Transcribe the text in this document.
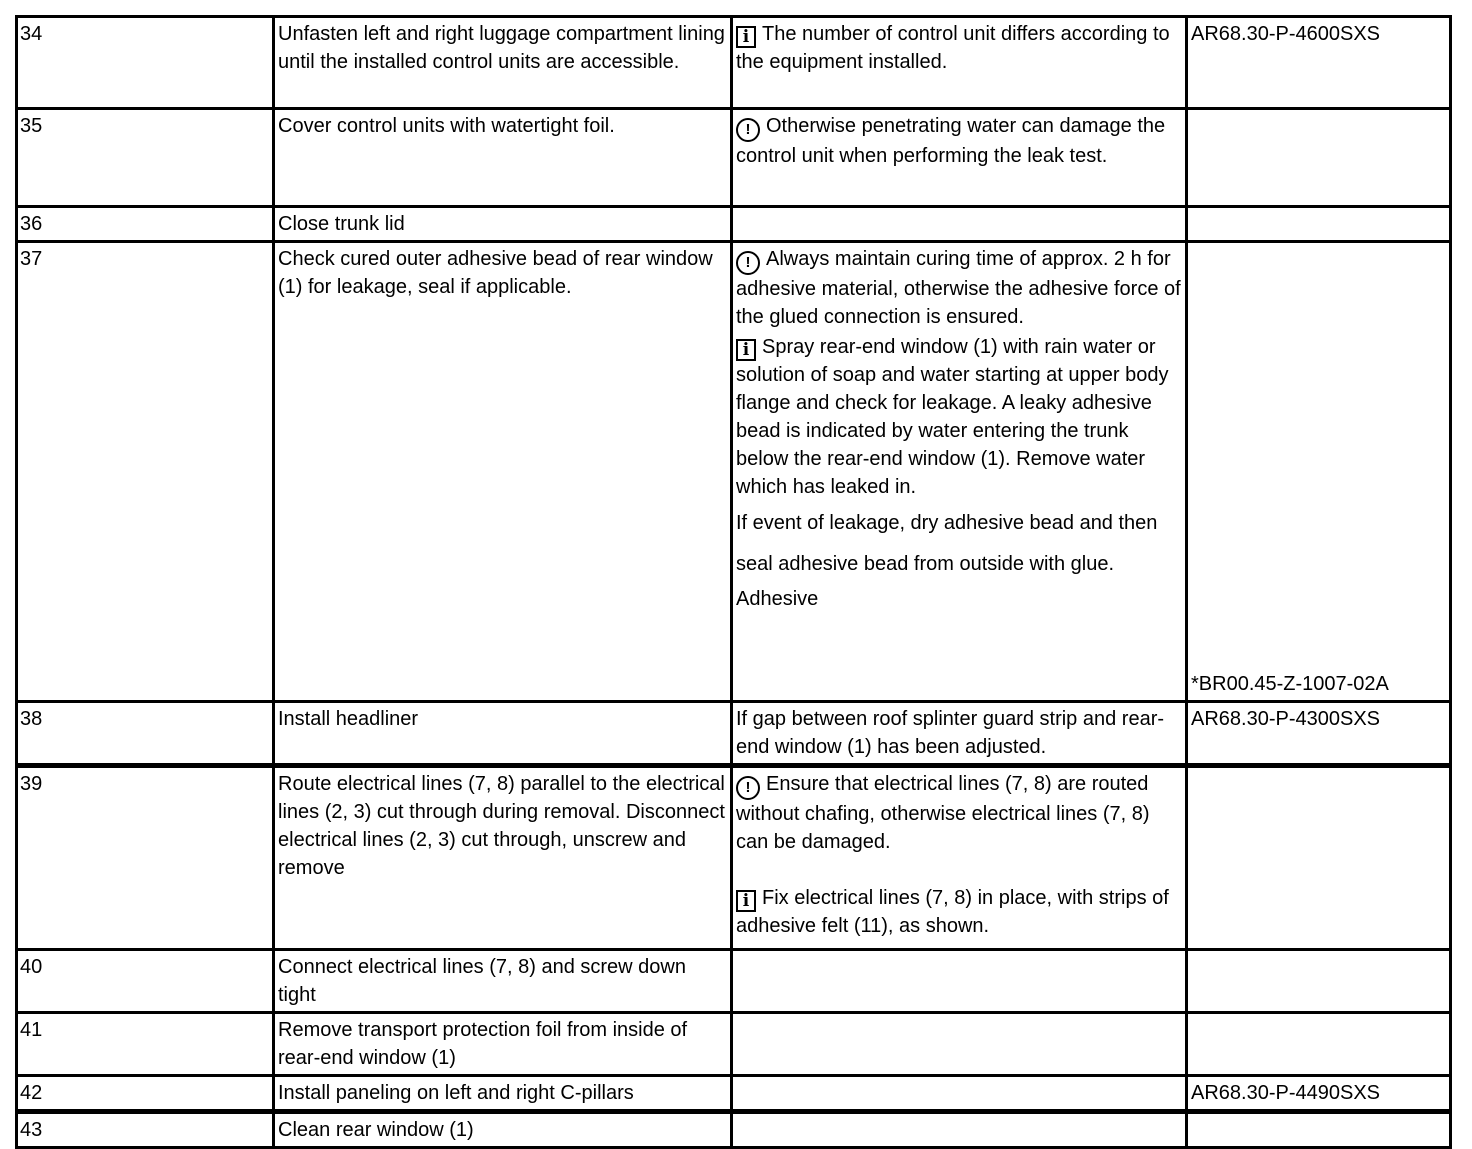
34	Unfasten left and right luggage compartment lining until the installed control units are accessible.	i The number of control unit differs according to the equipment installed.	AR68.30-P-4600SXS
35	Cover control units with watertight foil.	! Otherwise penetrating water can damage the control unit when performing the leak test.	

36	Close trunk lid		
37	Check cured outer adhesive bead of rear window (1) for leakage, seal if applicable.	! Always maintain curing time of approx. 2 h for adhesive material, otherwise the adhesive force of the glued connection is ensured.

i Spray rear-end window (1) with rain water or solution of soap and water starting at upper body flange and check for leakage. A leaky adhesive bead is indicated by water entering the trunk below the rear-end window (1). Remove water which has leaked in.

If event of leakage, dry adhesive bead and then seal adhesive bead from outside with glue.

Adhesive	*BR00.45-Z-1007-02A
38	Install headliner	If gap between roof splinter guard strip and rear-end window (1) has been adjusted.	AR68.30-P-4300SXS
39	Route electrical lines (7, 8) parallel to the electrical lines (2, 3) cut through during removal. Disconnect electrical lines (2, 3) cut through, unscrew and remove	! Ensure that electrical lines (7, 8) are routed without chafing, otherwise electrical lines (7, 8) can be damaged.

i Fix electrical lines (7, 8) in place, with strips of adhesive felt (11), as shown.	

40	Connect electrical lines (7, 8) and screw down tight		
41	Remove transport protection foil from inside of rear-end window (1)		
42	Install paneling on left and right C-pillars		AR68.30-P-4490SXS
43	Clean rear window (1)		
